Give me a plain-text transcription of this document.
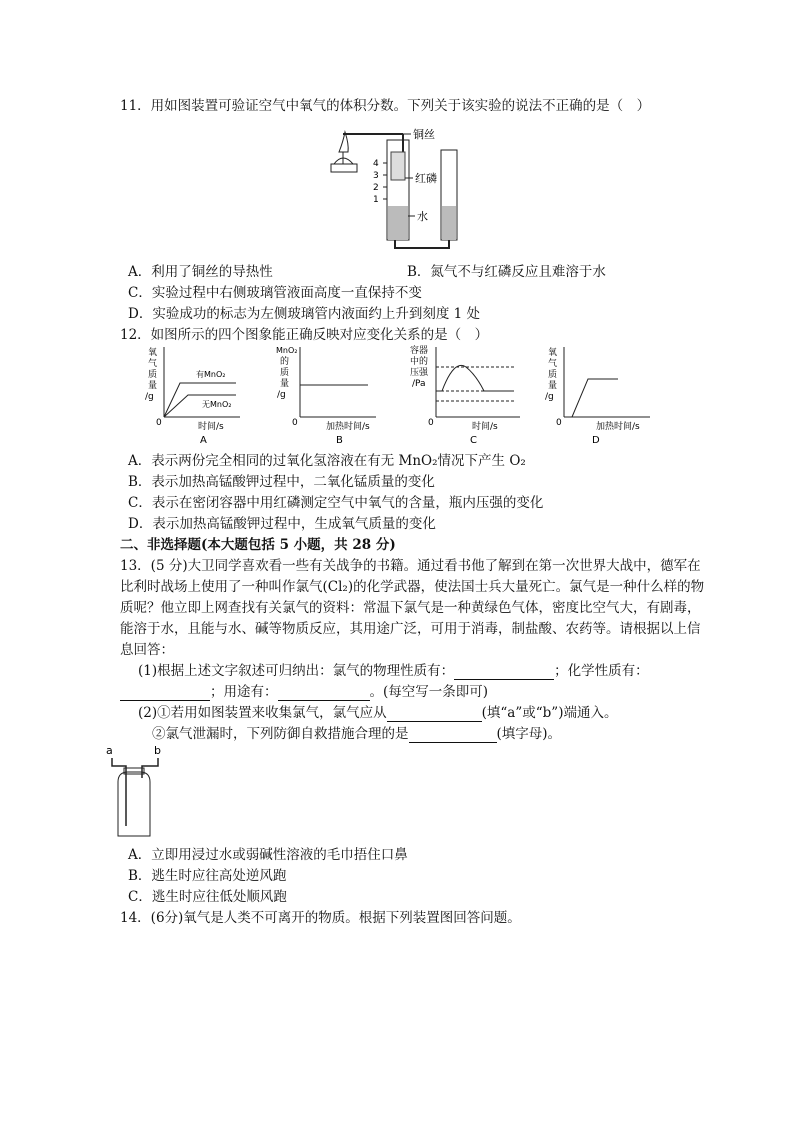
11．用如图装置可验证空气中氧气的体积分数。下列关于该实验的说法不正确的是（　）
铜丝
4
3
2
1
红磷
水
A．利用了铜丝的导热性	B．氮气不与红磷反应且难溶于水
C．实验过程中右侧玻璃管液面高度一直保持不变
D．实验成功的标志为左侧玻璃管内液面约上升到刻度 1 处
12．如图所示的四个图象能正确反映对应变化关系的是（　）
氧
气
质
量
/g
有MnO₂
无MnO₂
0	时间/s
A
MnO₂
的
质
量
/g
0	加热时间/s
B
容器
中的
压强
/Pa
0	时间/s
C
氧
气
质
量
/g
0	加热时间/s
D
A．表示两份完全相同的过氧化氢溶液在有无 MnO₂情况下产生 O₂
B．表示加热高锰酸钾过程中，二氧化锰质量的变化
C．表示在密闭容器中用红磷测定空气中氧气的含量，瓶内压强的变化
D．表示加热高锰酸钾过程中，生成氧气质量的变化
二、非选择题(本大题包括 5 小题，共 28 分)
13．(5 分)大卫同学喜欢看一些有关战争的书籍。通过看书他了解到在第一次世界大战中，德军在
比利时战场上使用了一种叫作氯气(Cl₂)的化学武器，使法国士兵大量死亡。氯气是一种什么样的物
质呢？他立即上网查找有关氯气的资料：常温下氯气是一种黄绿色气体，密度比空气大，有剧毒，
能溶于水，且能与水、碱等物质反应，其用途广泛，可用于消毒，制盐酸、农药等。请根据以上信
息回答：
(1)根据上述文字叙述可归纳出：氯气的物理性质有：	；化学性质有：
；用途有：	。(每空写一条即可)
(2)①若用如图装置来收集氯气，氯气应从	(填“a”或“b”)端通入。
②氯气泄漏时，下列防御自救措施合理的是	(填字母)。
a	b
A．立即用浸过水或弱碱性溶液的毛巾捂住口鼻
B．逃生时应往高处逆风跑
C．逃生时应往低处顺风跑
14．(6分)氧气是人类不可离开的物质。根据下列装置图回答问题。
